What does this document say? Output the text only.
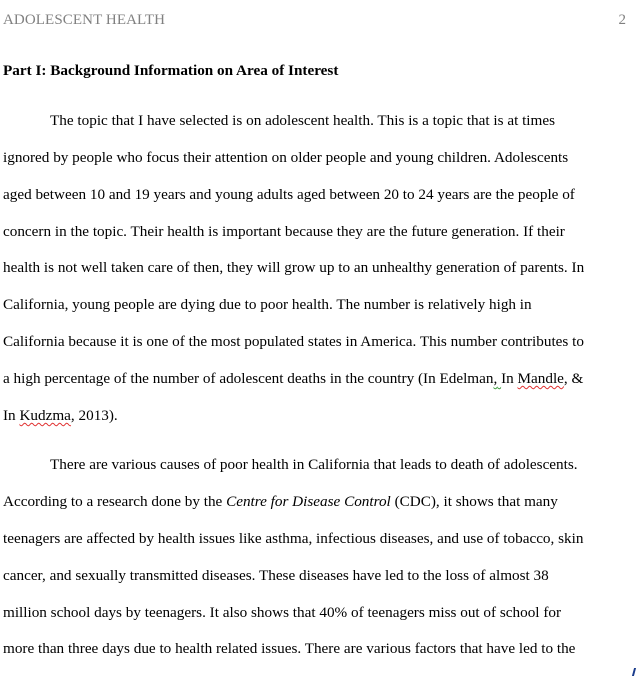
ADOLESCENT HEALTH	2
Part I: Background Information on Area of Interest
The topic that I have selected is on adolescent health. This is a topic that is at times
ignored by people who focus their attention on older people and young children. Adolescents
aged between 10 and 19 years and young adults aged between 20 to 24 years are the people of
concern in the topic. Their health is important because they are the future generation. If their
health is not well taken care of then, they will grow up to an unhealthy generation of parents. In
California, young people are dying due to poor health. The number is relatively high in
California because it is one of the most populated states in America. This number contributes to
a high percentage of the number of adolescent deaths in the country (In Edelman, In Mandle, &
In Kudzma, 2013).
There are various causes of poor health in California that leads to death of adolescents.
According to a research done by the Centre for Disease Control (CDC), it shows that many
teenagers are affected by health issues like asthma, infectious diseases, and use of tobacco, skin
cancer, and sexually transmitted diseases. These diseases have led to the loss of almost 38
million school days by teenagers. It also shows that 40% of teenagers miss out of school for
more than three days due to health related issues. There are various factors that have led to the
